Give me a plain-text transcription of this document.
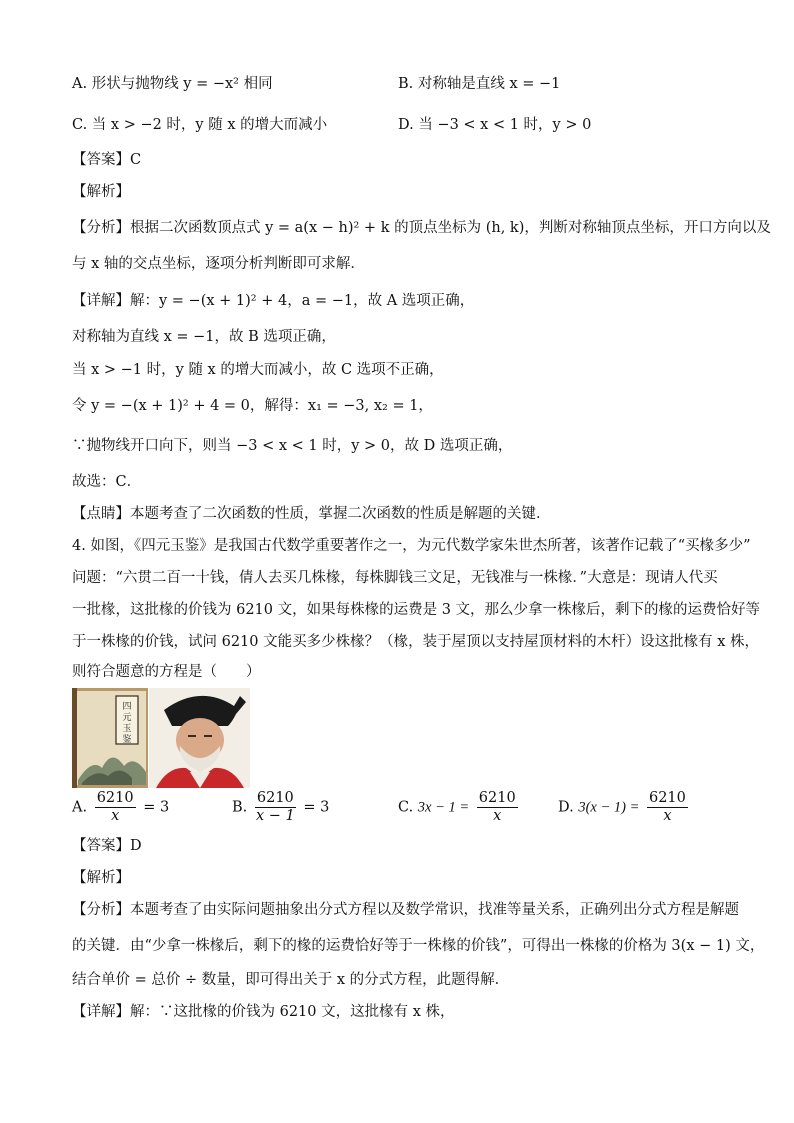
A. 形状与抛物线 y = −x² 相同	B. 对称轴是直线 x = −1
C. 当 x > −2 时，y 随 x 的增大而减小	D. 当 −3 < x < 1 时，y > 0
【答案】C
【解析】
【分析】根据二次函数顶点式 y = a(x − h)² + k 的顶点坐标为 (h, k)，判断对称轴顶点坐标，开口方向以及
与 x 轴的交点坐标，逐项分析判断即可求解．
【详解】解：y = −(x + 1)² + 4，a = −1，故 A 选项正确，
对称轴为直线 x = −1，故 B 选项正确，
当 x > −1 时，y 随 x 的增大而减小，故 C 选项不正确，
令 y = −(x + 1)² + 4 = 0，解得：x₁ = −3, x₂ = 1，
∵抛物线开口向下，则当 −3 < x < 1 时，y > 0，故 D 选项正确，
故选：C．
【点睛】本题考查了二次函数的性质，掌握二次函数的性质是解题的关键．
4. 如图，《四元玉鉴》是我国古代数学重要著作之一，为元代数学家朱世杰所著，该著作记载了“买椽多少”
问题：“六贯二百一十钱，倩人去买几株椽，每株脚钱三文足，无钱准与一株椽．”大意是：现请人代买
一批椽，这批椽的价钱为 6210 文，如果每株椽的运费是 3 文，那么少拿一株椽后，剩下的椽的运费恰好等
于一株椽的价钱，试问 6210 文能买多少株椽？（椽，装于屋顶以支持屋顶材料的木杆）设这批椽有 x 株，
则符合题意的方程是（　　）
四
元
玉
鉴
A. $\frac{6210}{x} = 3$	B. $\frac{6210}{x - 1} = 3$	C. $3x - 1 = \frac{6210}{x}$	D. $3(x - 1) = \frac{6210}{x}$
【答案】D
【解析】
【分析】本题考查了由实际问题抽象出分式方程以及数学常识，找准等量关系，正确列出分式方程是解题
的关键．由“少拿一株椽后，剩下的椽的运费恰好等于一株椽的价钱”，可得出一株椽的价格为 3(x − 1) 文，
结合单价 = 总价 ÷ 数量，即可得出关于 x 的分式方程，此题得解．
【详解】解：∵这批椽的价钱为 6210 文，这批椽有 x 株，
